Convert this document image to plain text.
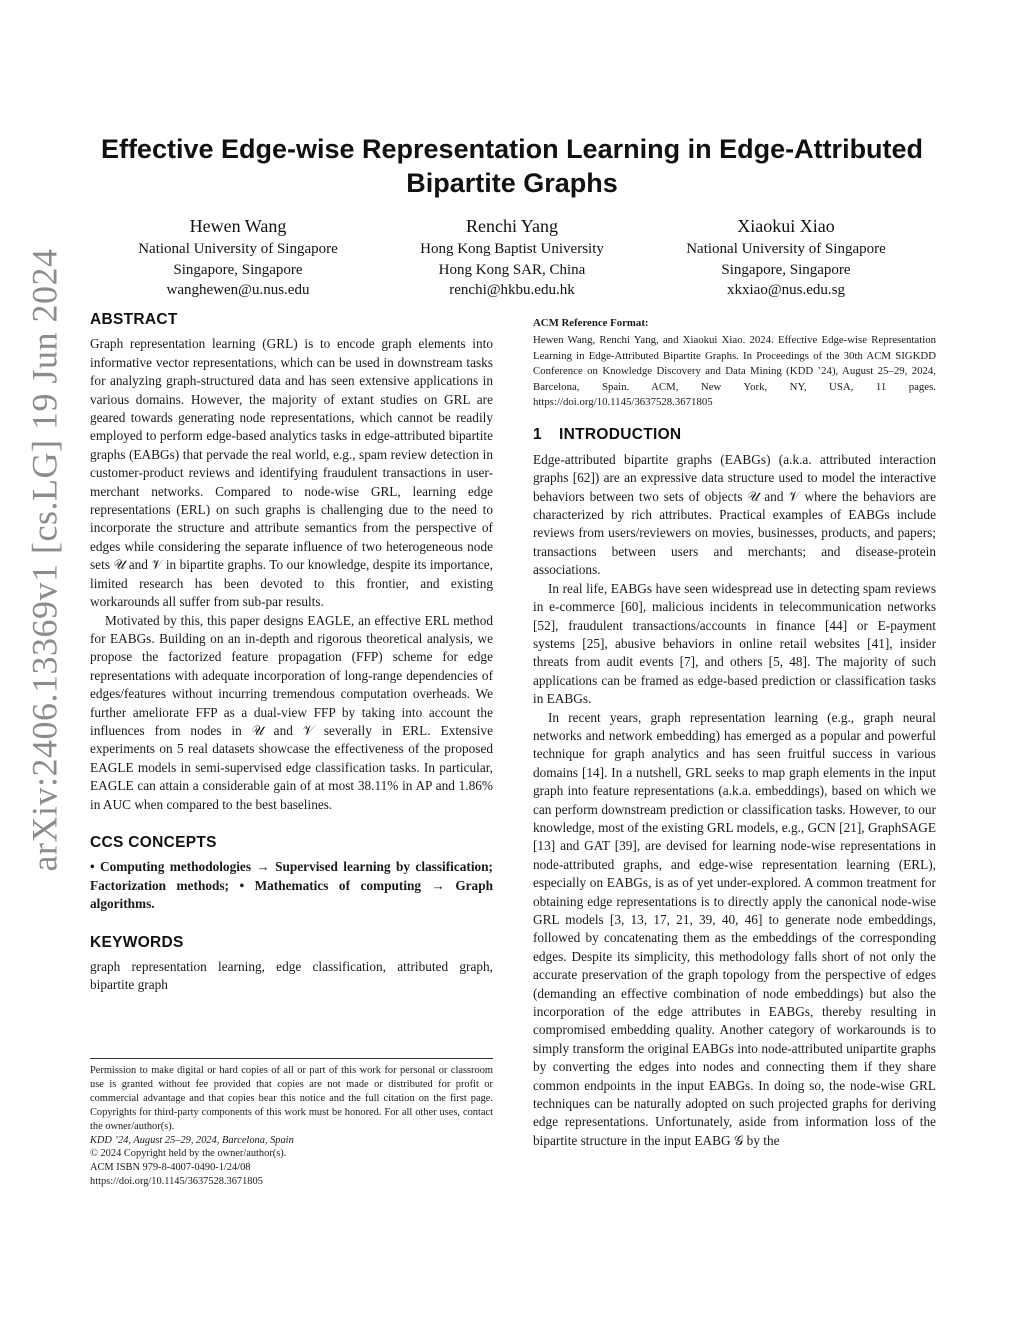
arXiv:2406.13369v1 [cs.LG] 19 Jun 2024
Effective Edge-wise Representation Learning in Edge-Attributed
Bipartite Graphs
Hewen Wang
National University of Singapore
Singapore, Singapore
wanghewen@u.nus.edu
Renchi Yang
Hong Kong Baptist University
Hong Kong SAR, China
renchi@hkbu.edu.hk
Xiaokui Xiao
National University of Singapore
Singapore, Singapore
xkxiao@nus.edu.sg
ABSTRACT

Graph representation learning (GRL) is to encode graph elements into informative vector representations, which can be used in downstream tasks for analyzing graph-structured data and has seen extensive applications in various domains. However, the majority of extant studies on GRL are geared towards generating node representations, which cannot be readily employed to perform edge-based analytics tasks in edge-attributed bipartite graphs (EABGs) that pervade the real world, e.g., spam review detection in customer-product reviews and identifying fraudulent transactions in user-merchant networks. Compared to node-wise GRL, learning edge representations (ERL) on such graphs is challenging due to the need to incorporate the structure and attribute semantics from the perspective of edges while considering the separate influence of two heterogeneous node sets 𝒰 and 𝒱 in bipartite graphs. To our knowledge, despite its importance, limited research has been devoted to this frontier, and existing workarounds all suffer from sub-par results.

Motivated by this, this paper designs EAGLE, an effective ERL method for EABGs. Building on an in-depth and rigorous theoretical analysis, we propose the factorized feature propagation (FFP) scheme for edge representations with adequate incorporation of long-range dependencies of edges/features without incurring tremendous computation overheads. We further ameliorate FFP as a dual-view FFP by taking into account the influences from nodes in 𝒰 and 𝒱 severally in ERL. Extensive experiments on 5 real datasets showcase the effectiveness of the proposed EAGLE models in semi-supervised edge classification tasks. In particular, EAGLE can attain a considerable gain of at most 38.11% in AP and 1.86% in AUC when compared to the best baselines.

CCS CONCEPTS

• Computing methodologies → Supervised learning by classification; Factorization methods; • Mathematics of computing → Graph algorithms.

KEYWORDS

graph representation learning, edge classification, attributed graph, bipartite graph

Permission to make digital or hard copies of all or part of this work for personal or classroom use is granted without fee provided that copies are not made or distributed for profit or commercial advantage and that copies bear this notice and the full citation on the first page. Copyrights for third-party components of this work must be honored. For all other uses, contact the owner/author(s).

KDD ’24, August 25–29, 2024, Barcelona, Spain
© 2024 Copyright held by the owner/author(s).
ACM ISBN 979-8-4007-0490-1/24/08
https://doi.org/10.1145/3637528.3671805
ACM Reference Format:

Hewen Wang, Renchi Yang, and Xiaokui Xiao. 2024. Effective Edge-wise Representation Learning in Edge-Attributed Bipartite Graphs. In Proceedings of the 30th ACM SIGKDD Conference on Knowledge Discovery and Data Mining (KDD ’24), August 25–29, 2024, Barcelona, Spain. ACM, New York, NY, USA, 11 pages. https://doi.org/10.1145/3637528.3671805

1 INTRODUCTION

Edge-attributed bipartite graphs (EABGs) (a.k.a. attributed interaction graphs [62]) are an expressive data structure used to model the interactive behaviors between two sets of objects 𝒰 and 𝒱 where the behaviors are characterized by rich attributes. Practical examples of EABGs include reviews from users/reviewers on movies, businesses, products, and papers; transactions between users and merchants; and disease-protein associations.

In real life, EABGs have seen widespread use in detecting spam reviews in e-commerce [60], malicious incidents in telecommunication networks [52], fraudulent transactions/accounts in finance [44] or E-payment systems [25], abusive behaviors in online retail websites [41], insider threats from audit events [7], and others [5, 48]. The majority of such applications can be framed as edge-based prediction or classification tasks in EABGs.

In recent years, graph representation learning (e.g., graph neural networks and network embedding) has emerged as a popular and powerful technique for graph analytics and has seen fruitful success in various domains [14]. In a nutshell, GRL seeks to map graph elements in the input graph into feature representations (a.k.a. embeddings), based on which we can perform downstream prediction or classification tasks. However, to our knowledge, most of the existing GRL models, e.g., GCN [21], GraphSAGE [13] and GAT [39], are devised for learning node-wise representations in node-attributed graphs, and edge-wise representation learning (ERL), especially on EABGs, is as of yet under-explored. A common treatment for obtaining edge representations is to directly apply the canonical node-wise GRL models [3, 13, 17, 21, 39, 40, 46] to generate node embeddings, followed by concatenating them as the embeddings of the corresponding edges. Despite its simplicity, this methodology falls short of not only the accurate preservation of the graph topology from the perspective of edges (demanding an effective combination of node embeddings) but also the incorporation of the edge attributes in EABGs, thereby resulting in compromised embedding quality. Another category of workarounds is to simply transform the original EABGs into node-attributed unipartite graphs by converting the edges into nodes and connecting them if they share common endpoints in the input EABGs. In doing so, the node-wise GRL techniques can be naturally adopted on such projected graphs for deriving edge representations. Unfortunately, aside from information loss of the bipartite structure in the input EABG 𝒢 by the
